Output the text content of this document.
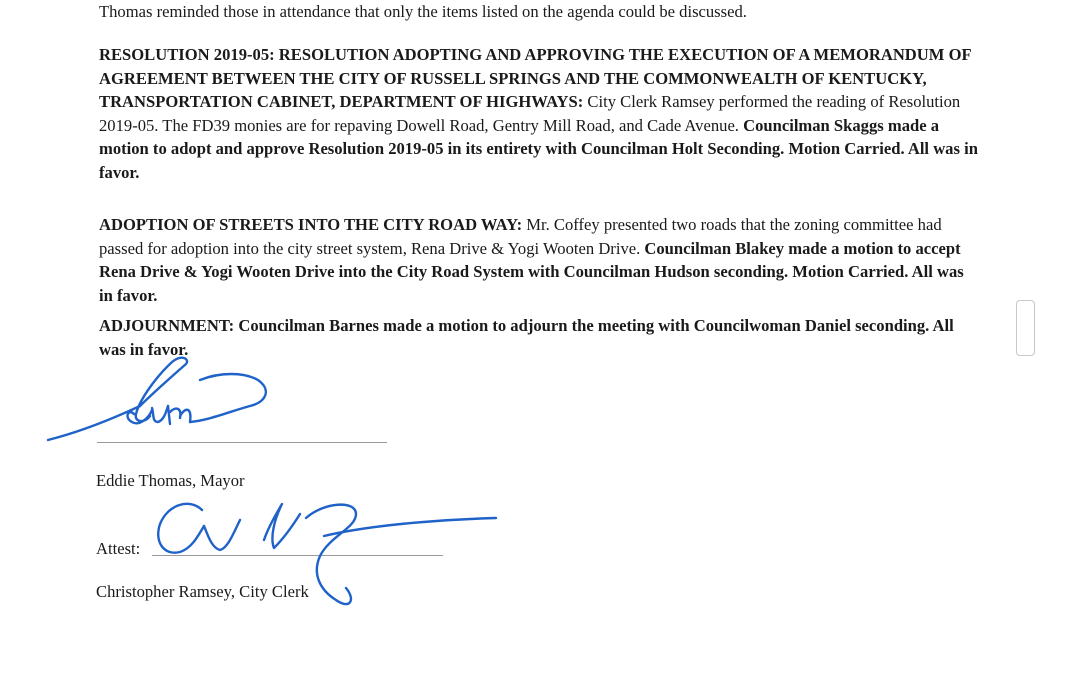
Thomas reminded those in attendance that only the items listed on the agenda could be discussed.

RESOLUTION 2019-05: RESOLUTION ADOPTING AND APPROVING THE EXECUTION OF A MEMORANDUM OF AGREEMENT BETWEEN THE CITY OF RUSSELL SPRINGS AND THE COMMONWEALTH OF KENTUCKY, TRANSPORTATION CABINET, DEPARTMENT OF HIGHWAYS: City Clerk Ramsey performed the reading of Resolution 2019-05. The FD39 monies are for repaving Dowell Road, Gentry Mill Road, and Cade Avenue. Councilman Skaggs made a motion to adopt and approve Resolution 2019-05 in its entirety with Councilman Holt Seconding. Motion Carried. All was in favor.

ADOPTION OF STREETS INTO THE CITY ROAD WAY: Mr. Coffey presented two roads that the zoning committee had passed for adoption into the city street system, Rena Drive & Yogi Wooten Drive. Councilman Blakey made a motion to accept Rena Drive & Yogi Wooten Drive into the City Road System with Councilman Hudson seconding. Motion Carried. All was in favor.

ADJOURNMENT: Councilman Barnes made a motion to adjourn the meeting with Councilwoman Daniel seconding. All was in favor.

Eddie Thomas, Mayor
Attest:
Christopher Ramsey, City Clerk
